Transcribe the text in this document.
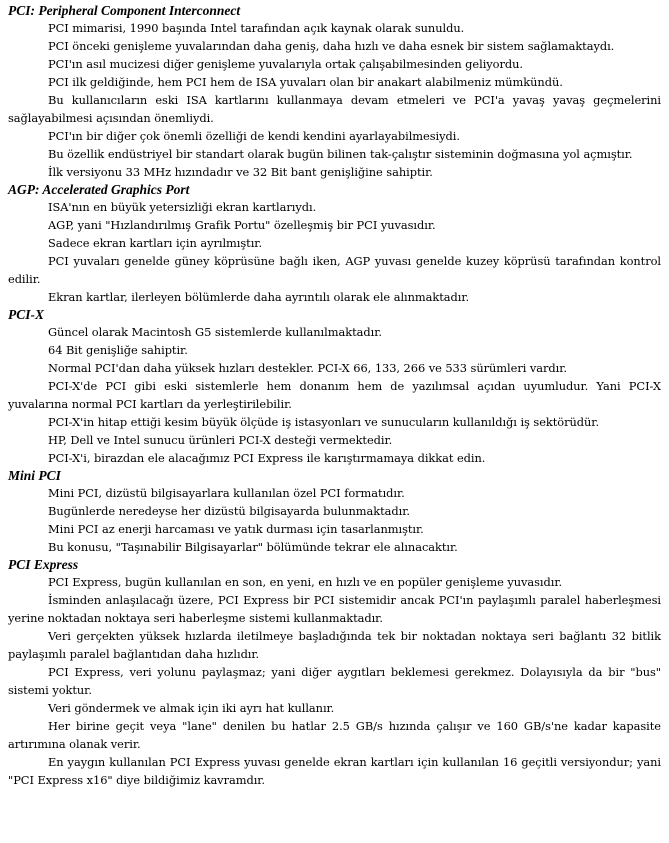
PCI: Peripheral Component Interconnect

PCI mimarisi, 1990 başında Intel tarafından açık kaynak olarak sunuldu.

PCI önceki genişleme yuvalarından daha geniş, daha hızlı ve daha esnek bir sistem sağlamaktaydı.

PCI'ın asıl mucizesi diğer genişleme yuvalarıyla ortak çalışabilmesinden geliyordu.

PCI ilk geldiğinde, hem PCI hem de ISA yuvaları olan bir anakart alabilmeniz mümkündü.

Bu kullanıcıların eski ISA kartlarını kullanmaya devam etmeleri ve PCI'a yavaş yavaş geçmelerini sağlayabilmesi açısından önemliydi.

PCI'ın bir diğer çok önemli özelliği de kendi kendini ayarlayabilmesiydi.

Bu özellik endüstriyel bir standart olarak bugün bilinen tak-çalıştır sisteminin doğmasına yol açmıştır.

İlk versiyonu 33 MHz hızındadır ve 32 Bit bant genişliğine sahiptir.

AGP: Accelerated Graphics Port

ISA'nın en büyük yetersizliği ekran kartlarıydı.

AGP, yani "Hızlandırılmış Grafik Portu" özelleşmiş bir PCI yuvasıdır.

Sadece ekran kartları için ayrılmıştır.

PCI yuvaları genelde güney köprüsüne bağlı iken, AGP yuvası genelde kuzey köprüsü tarafından kontrol edilir.

Ekran kartlar, ilerleyen bölümlerde daha ayrıntılı olarak ele alınmaktadır.

PCI-X

Güncel olarak Macintosh G5 sistemlerde kullanılmaktadır.

64 Bit genişliğe sahiptir.

Normal PCI'dan daha yüksek hızları destekler. PCI-X 66, 133, 266 ve 533 sürümleri vardır.

PCI-X'de PCI gibi eski sistemlerle hem donanım hem de yazılımsal açıdan uyumludur. Yani PCI-X yuvalarına normal PCI kartları da yerleştirilebilir.

PCI-X'in hitap ettiği kesim büyük ölçüde iş istasyonları ve sunucuların kullanıldığı iş sektörüdür.

HP, Dell ve Intel sunucu ürünleri PCI-X desteği vermektedir.

PCI-X'i, birazdan ele alacağımız PCI Express ile karıştırmamaya dikkat edin.

Mini PCI

Mini PCI, dizüstü bilgisayarlara kullanılan özel PCI formatıdır.

Bugünlerde neredeyse her dizüstü bilgisayarda bulunmaktadır.

Mini PCI az enerji harcaması ve yatık durması için tasarlanmıştır.

Bu konusu, "Taşınabilir Bilgisayarlar" bölümünde tekrar ele alınacaktır.

PCI Express

PCI Express, bugün kullanılan en son, en yeni, en hızlı ve en popüler genişleme yuvasıdır.

İsminden anlaşılacağı üzere, PCI Express bir PCI sistemidir ancak PCI'ın paylaşımlı paralel haberleşmesi yerine noktadan noktaya seri haberleşme sistemi kullanmaktadır.

Veri gerçekten yüksek hızlarda iletilmeye başladığında tek bir noktadan noktaya seri bağlantı 32 bitlik paylaşımlı paralel bağlantıdan daha hızlıdır.

PCI Express, veri yolunu paylaşmaz; yani diğer aygıtları beklemesi gerekmez. Dolayısıyla da bir "bus" sistemi yoktur.

Veri göndermek ve almak için iki ayrı hat kullanır.

Her birine geçit veya "lane" denilen bu hatlar 2.5 GB/s hızında çalışır ve 160 GB/s'ne kadar kapasite artırımına olanak verir.

En yaygın kullanılan PCI Express yuvası genelde ekran kartları için kullanılan 16 geçitli versiyondur; yani "PCI Express x16" diye bildiğimiz kavramdır.
